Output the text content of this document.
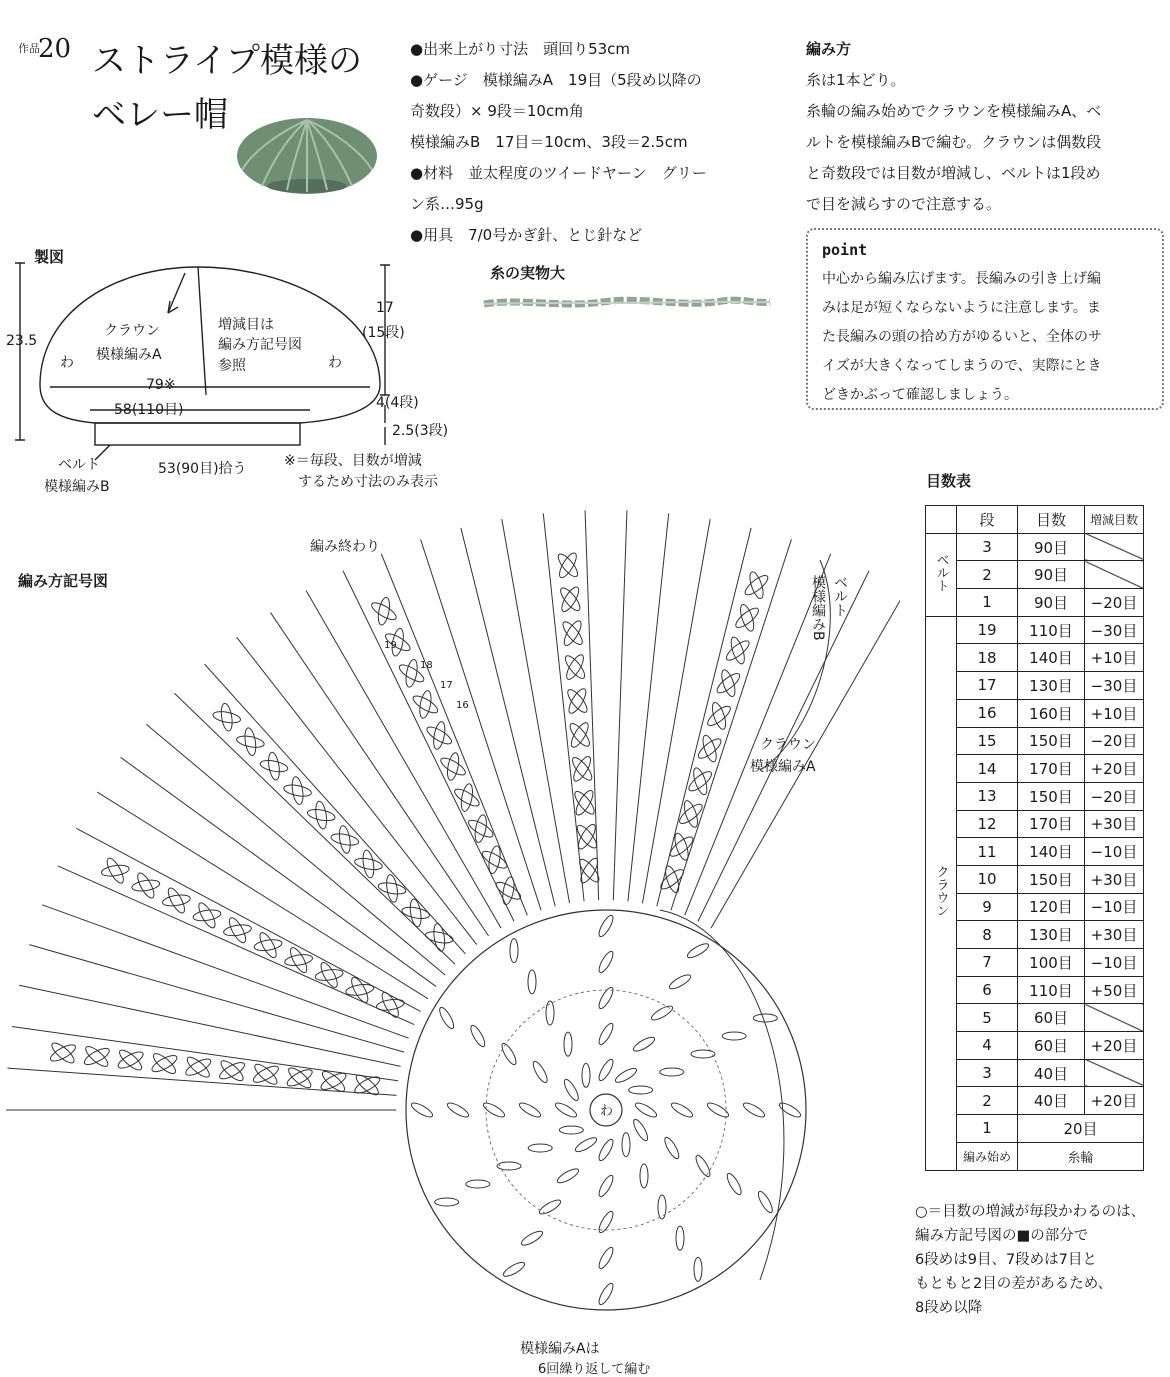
作品
20 ストライプ模様の
ベレー帽

●出来上がり寸法　頭回り53cm

●ゲージ　模様編みA　19目（5段め以降の

奇数段）× 9段＝10cm角

模様編みB　17目＝10cm、3段＝2.5cm

●材料　並太程度のツイードヤーン　グリー

ン系…95g

●用具　7/0号かぎ針、とじ針など

糸の実物大

編み方

糸は1本どり。

糸輪の編み始めでクラウンを模様編みA、ベ

ルトを模様編みBで編む。クラウンは偶数段

と奇数段では目数が増減し、ベルトは1段め

で目を減らすので注意する。

point
中心から編み広げます。長編みの引き上げ編
みは足が短くならないように注意します。ま
た長編みの頭の拾め方がゆるいと、全体のサ
イズが大きくなってしまうので、実際にとき
どきかぶって確認しましょう。
製図
23.5
クラウン
模様編みA
わ	わ
増減目は
編み方記号図
参照
17
(15段)
79※
58(110目)	4(4段)
2.5(3段)
ベルト
模様編みB
53(90目)拾う	※＝毎段、目数が増減
するため寸法のみ表示
編み方記号図
編み終わり
ベルト
模様編みB
クラウン
模様編みA
模様編みAは
6回繰り返して編む
19
18
17
16
わ
目数表
	段	目数	増減目数
ベルト	3	90目	
	2	90目	
	1	90目	−20目
クラウン	19	110目	−30目
	18	140目	+10目
	17	130目	−30目
	16	160目	+10目
	15	150目	−20目
	14	170目	+20目
	13	150目	−20目
	12	170目	+30目
	11	140目	−10目
	10	150目	+30目
	9	120目	−10目
	8	130目	+30目
	7	100目	−10目
	6	110目	+50目
	5	60目	
	4	60目	+20目
	3	40目	
	2	40目	+20目
	1	20目	
	編み始め	糸輪	

○＝目数の増減が毎段かわるのは、

編み方記号図の■の部分で

6段めは9目、7段めは7目と

もともと2目の差があるため、

8段め以降
